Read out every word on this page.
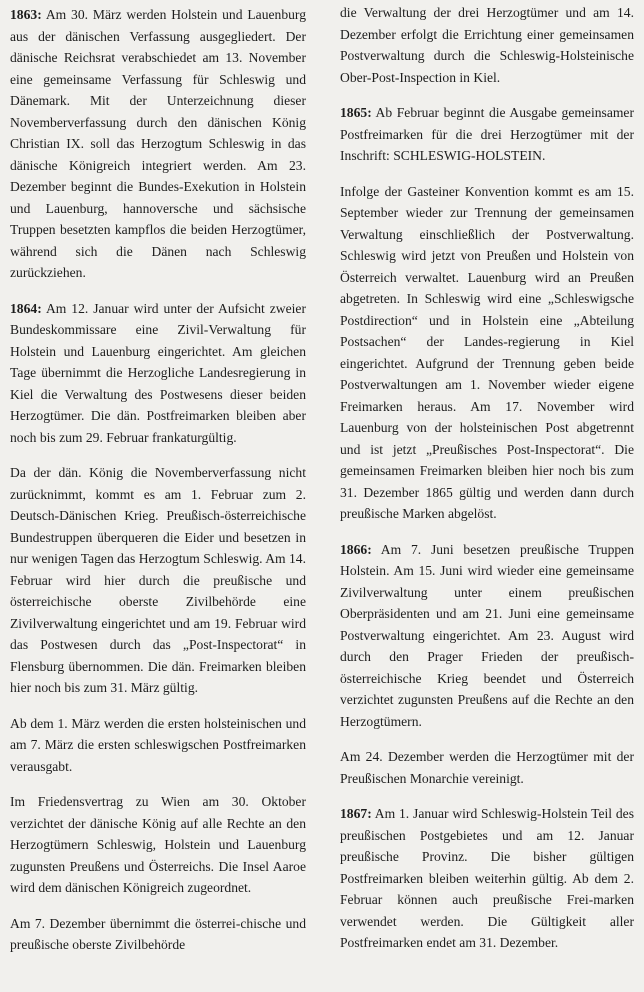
1863: Am 30. März werden Holstein und Lauenburg aus der dänischen Verfassung ausgegliedert. Der dänische Reichsrat verabschiedet am 13. November eine gemeinsame Verfassung für Schleswig und Dänemark. Mit der Unterzeichnung dieser Novemberverfassung durch den dänischen König Christian IX. soll das Herzogtum Schleswig in das dänische Königreich integriert werden. Am 23. Dezember beginnt die Bundes-Exekution in Holstein und Lauenburg, hannoversche und sächsische Truppen besetzten kampflos die beiden Herzogtümer, während sich die Dänen nach Schleswig zurückziehen.

1864: Am 12. Januar wird unter der Aufsicht zweier Bundeskommissare eine Zivil-Verwaltung für Holstein und Lauenburg eingerichtet. Am gleichen Tage übernimmt die Herzogliche Landesregierung in Kiel die Verwaltung des Postwesens dieser beiden Herzogtümer. Die dän. Postfreimarken bleiben aber noch bis zum 29. Februar frankaturgültig.

Da der dän. König die Novemberverfassung nicht zurücknimmt, kommt es am 1. Februar zum 2. Deutsch-Dänischen Krieg. Preußisch-österreichische Bundestruppen überqueren die Eider und besetzen in nur wenigen Tagen das Herzogtum Schleswig. Am 14. Februar wird hier durch die preußische und österreichische oberste Zivilbehörde eine Zivilverwaltung eingerichtet und am 19. Februar wird das Postwesen durch das „Post-Inspectorat“ in Flensburg übernommen. Die dän. Freimarken bleiben hier noch bis zum 31. März gültig.

Ab dem 1. März werden die ersten holsteinischen und am 7. März die ersten schleswigschen Postfreimarken verausgabt.

Im Friedensvertrag zu Wien am 30. Oktober verzichtet der dänische König auf alle Rechte an den Herzogtümern Schleswig, Holstein und Lauenburg zugunsten Preußens und Österreichs. Die Insel Aaroe wird dem dänischen Königreich zugeordnet.

Am 7. Dezember übernimmt die österrei-chische und preußische oberste Zivilbehörde

die Verwaltung der drei Herzogtümer und am 14. Dezember erfolgt die Errichtung einer gemeinsamen Postverwaltung durch die Schleswig-Holsteinische Ober-Post-Inspection in Kiel.

1865: Ab Februar beginnt die Ausgabe gemeinsamer Postfreimarken für die drei Herzogtümer mit der Inschrift: SCHLESWIG-HOLSTEIN.

Infolge der Gasteiner Konvention kommt es am 15. September wieder zur Trennung der gemeinsamen Verwaltung einschließlich der Postverwaltung. Schleswig wird jetzt von Preußen und Holstein von Österreich verwaltet. Lauenburg wird an Preußen abgetreten. In Schleswig wird eine „Schleswigsche Postdirection“ und in Holstein eine „Abteilung Postsachen“ der Landes-regierung in Kiel eingerichtet. Aufgrund der Trennung geben beide Postverwaltungen am 1. November wieder eigene Freimarken heraus. Am 17. November wird Lauenburg von der holsteinischen Post abgetrennt und ist jetzt „Preußisches Post-Inspectorat“. Die gemeinsamen Freimarken bleiben hier noch bis zum 31. Dezember 1865 gültig und werden dann durch preußische Marken abgelöst.

1866: Am 7. Juni besetzen preußische Truppen Holstein. Am 15. Juni wird wieder eine gemeinsame Zivilverwaltung unter einem preußischen Oberpräsidenten und am 21. Juni eine gemeinsame Postverwaltung eingerichtet. Am 23. August wird durch den Prager Frieden der preußisch-österreichische Krieg beendet und Österreich verzichtet zugunsten Preußens auf die Rechte an den Herzogtümern.

Am 24. Dezember werden die Herzogtümer mit der Preußischen Monarchie vereinigt.

1867: Am 1. Januar wird Schleswig-Holstein Teil des preußischen Postgebietes und am 12. Januar preußische Provinz. Die bisher gültigen Postfreimarken bleiben weiterhin gültig. Ab dem 2. Februar können auch preußische Frei-marken verwendet werden. Die Gültigkeit aller Postfreimarken endet am 31. Dezember.
